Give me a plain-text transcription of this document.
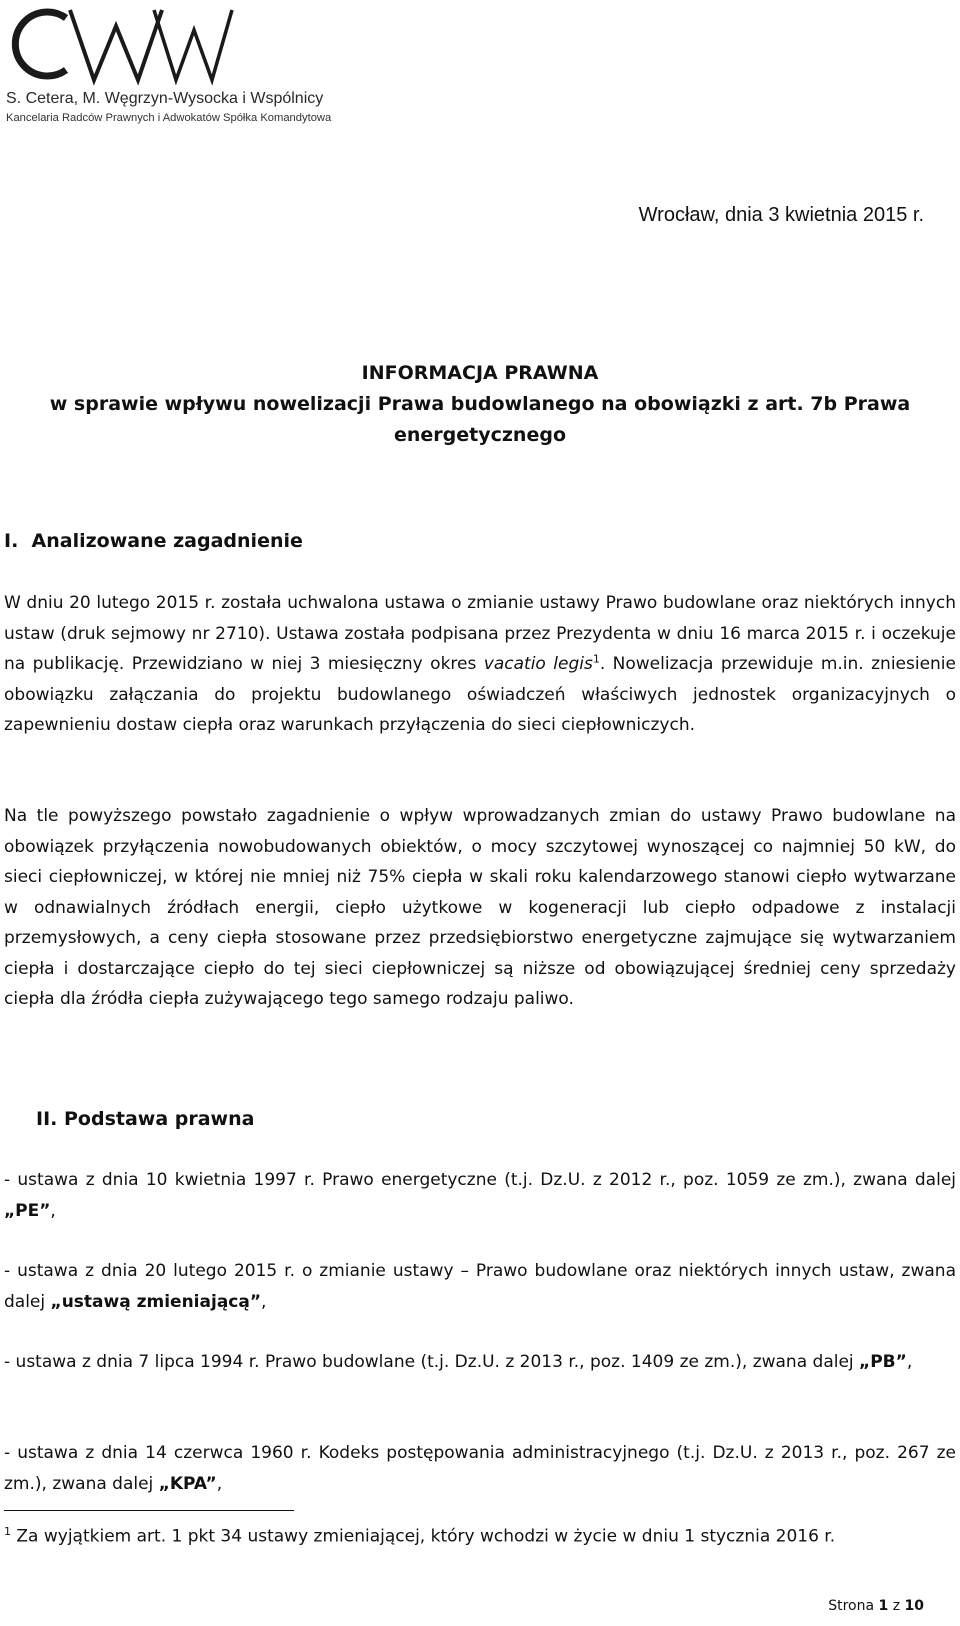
S. Cetera, M. Węgrzyn-Wysocka i Wspólnicy
Kancelaria Radców Prawnych i Adwokatów Spółka Komandytowa
Wrocław, dnia 3 kwietnia 2015 r.
INFORMACJA PRAWNA
w sprawie wpływu nowelizacji Prawa budowlanego na obowiązki z art. 7b Prawa
energetycznego
I. Analizowane zagadnienie

W dniu 20 lutego 2015 r. została uchwalona ustawa o zmianie ustawy Prawo budowlane oraz niektórych innych ustaw (druk sejmowy nr 2710). Ustawa została podpisana przez Prezydenta w dniu 16 marca 2015 r. i oczekuje na publikację. Przewidziano w niej 3 miesięczny okres vacatio legis$^1$. Nowelizacja przewiduje m.in. zniesienie obowiązku załączania do projektu budowlanego oświadczeń właściwych jednostek organizacyjnych o zapewnieniu dostaw ciepła oraz warunkach przyłączenia do sieci ciepłowniczych.

Na tle powyższego powstało zagadnienie o wpływ wprowadzanych zmian do ustawy Prawo budowlane na obowiązek przyłączenia nowobudowanych obiektów, o mocy szczytowej wynoszącej co najmniej 50 kW, do sieci ciepłowniczej, w której nie mniej niż 75% ciepła w skali roku kalendarzowego stanowi ciepło wytwarzane w odnawialnych źródłach energii, ciepło użytkowe w kogeneracji lub ciepło odpadowe z instalacji przemysłowych, a ceny ciepła stosowane przez przedsiębiorstwo energetyczne zajmujące się wytwarzaniem ciepła i dostarczające ciepło do tej sieci ciepłowniczej są niższe od obowiązującej średniej ceny sprzedaży ciepła dla źródła ciepła zużywającego tego samego rodzaju paliwo.

II. Podstawa prawna

- ustawa z dnia 10 kwietnia 1997 r. Prawo energetyczne (t.j. Dz.U. z 2012 r., poz. 1059 ze zm.), zwana dalej „PE”,

- ustawa z dnia 20 lutego 2015 r. o zmianie ustawy – Prawo budowlane oraz niektórych innych ustaw, zwana dalej „ustawą zmieniającą”,

- ustawa z dnia 7 lipca 1994 r. Prawo budowlane (t.j. Dz.U. z 2013 r., poz. 1409 ze zm.), zwana dalej „PB”,

- ustawa z dnia 14 czerwca 1960 r. Kodeks postępowania administracyjnego (t.j. Dz.U. z 2013 r., poz. 267 ze zm.), zwana dalej „KPA”,

$^1$ Za wyjątkiem art. 1 pkt 34 ustawy zmieniającej, który wchodzi w życie w dniu 1 stycznia 2016 r.
Strona 1 z 10
